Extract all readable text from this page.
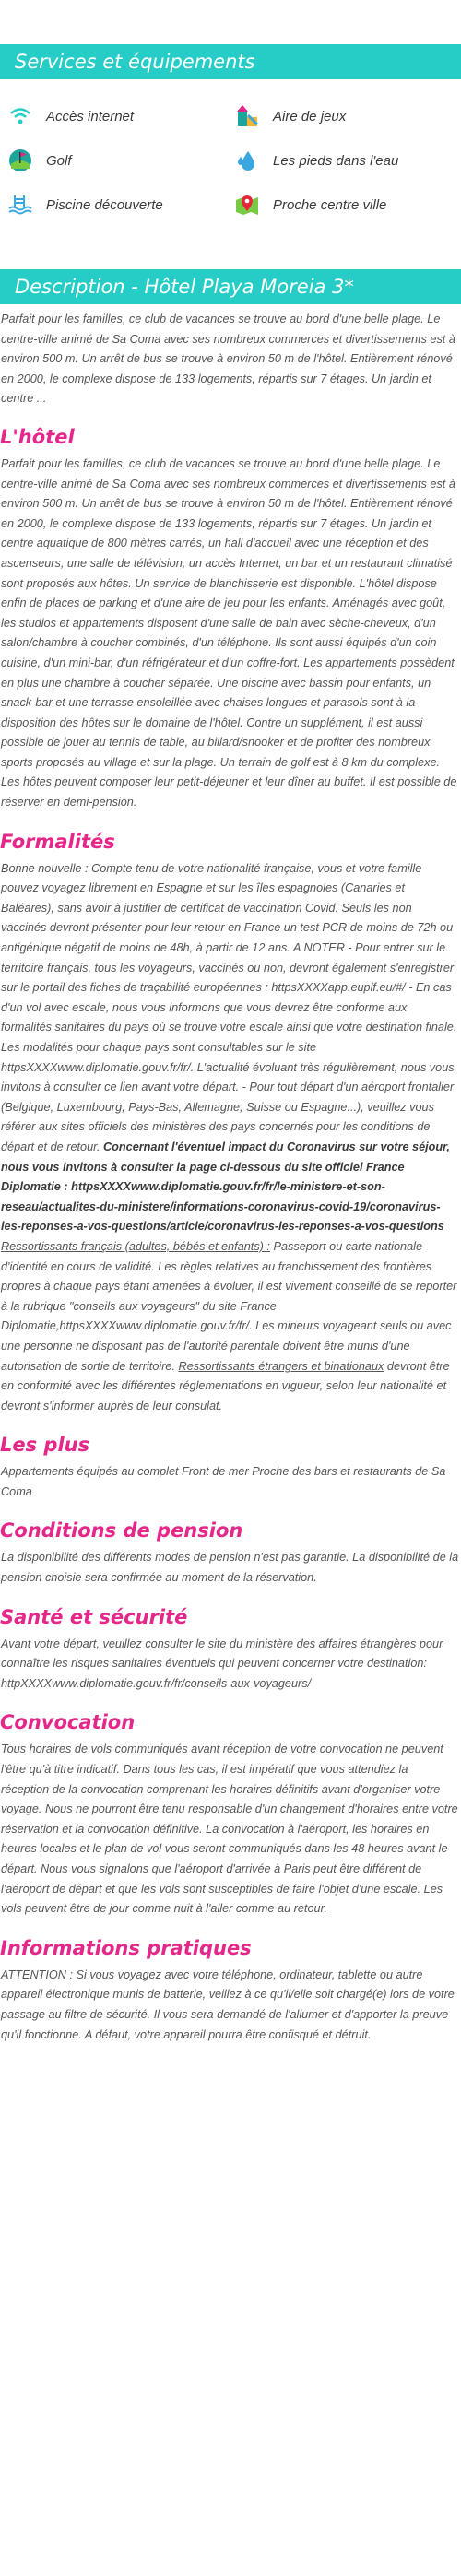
Services et équipements
Accès internet	Aire de jeux
Golf	Les pieds dans l'eau
Piscine découverte	Proche centre ville
Description - Hôtel Playa Moreia 3*

Parfait pour les familles, ce club de vacances se trouve au bord d'une belle plage. Le centre-ville animé de Sa Coma avec ses nombreux commerces et divertissements est à environ 500 m. Un arrêt de bus se trouve à environ 50 m de l'hôtel. Entièrement rénové en 2000, le complexe dispose de 133 logements, répartis sur 7 étages. Un jardin et centre ...

L'hôtel

Parfait pour les familles, ce club de vacances se trouve au bord d'une belle plage. Le centre-ville animé de Sa Coma avec ses nombreux commerces et divertissements est à environ 500 m. Un arrêt de bus se trouve à environ 50 m de l'hôtel. Entièrement rénové en 2000, le complexe dispose de 133 logements, répartis sur 7 étages. Un jardin et centre aquatique de 800 mètres carrés, un hall d'accueil avec une réception et des ascenseurs, une salle de télévision, un accès Internet, un bar et un restaurant climatisé sont proposés aux hôtes. Un service de blanchisserie est disponible. L'hôtel dispose enfin de places de parking et d'une aire de jeu pour les enfants. Aménagés avec goût, les studios et appartements disposent d'une salle de bain avec sèche-cheveux, d'un salon/chambre à coucher combinés, d'un téléphone. Ils sont aussi équipés d'un coin cuisine, d'un mini-bar, d'un réfrigérateur et d'un coffre-fort. Les appartements possèdent en plus une chambre à coucher séparée. Une piscine avec bassin pour enfants, un snack-bar et une terrasse ensoleillée avec chaises longues et parasols sont à la disposition des hôtes sur le domaine de l'hôtel. Contre un supplément, il est aussi possible de jouer au tennis de table, au billard/snooker et de profiter des nombreux sports proposés au village et sur la plage. Un terrain de golf est à 8 km du complexe. Les hôtes peuvent composer leur petit-déjeuner et leur dîner au buffet. Il est possible de réserver en demi-pension.

Formalités

Bonne nouvelle : Compte tenu de votre nationalité française, vous et votre famille pouvez voyagez librement en Espagne et sur les îles espagnoles (Canaries et Baléares), sans avoir à justifier de certificat de vaccination Covid. Seuls les non vaccinés devront présenter pour leur retour en France un test PCR de moins de 72h ou antigénique négatif de moins de 48h, à partir de 12 ans. A NOTER - Pour entrer sur le territoire français, tous les voyageurs, vaccinés ou non, devront également s'enregistrer sur le portail des fiches de traçabilité européennes : httpsXXXXapp.euplf.eu/#/ - En cas d'un vol avec escale, nous vous informons que vous devrez être conforme aux formalités sanitaires du pays où se trouve votre escale ainsi que votre destination finale. Les modalités pour chaque pays sont consultables sur le site httpsXXXXwww.diplomatie.gouv.fr/fr/. L'actualité évoluant très régulièrement, nous vous invitons à consulter ce lien avant votre départ. - Pour tout départ d'un aéroport frontalier (Belgique, Luxembourg, Pays-Bas, Allemagne, Suisse ou Espagne...), veuillez vous référer aux sites officiels des ministères des pays concernés pour les conditions de départ et de retour. Concernant l'éventuel impact du Coronavirus sur votre séjour, nous vous invitons à consulter la page ci-dessous du site officiel France Diplomatie : httpsXXXXwww.diplomatie.gouv.fr/fr/le-ministere-et-son-reseau/actualites-du-ministere/informations-coronavirus-covid-19/coronavirus-les-reponses-a-vos-questions/article/coronavirus-les-reponses-a-vos-questions Ressortissants français (adultes, bébés et enfants) : Passeport ou carte nationale d'identité en cours de validité. Les règles relatives au franchissement des frontières propres à chaque pays étant amenées à évoluer, il est vivement conseillé de se reporter à la rubrique "conseils aux voyageurs" du site France Diplomatie,httpsXXXXwww.diplomatie.gouv.fr/fr/. Les mineurs voyageant seuls ou avec une personne ne disposant pas de l'autorité parentale doivent être munis d'une autorisation de sortie de territoire. Ressortissants étrangers et binationaux devront être en conformité avec les différentes réglementations en vigueur, selon leur nationalité et devront s'informer auprès de leur consulat.

Les plus

Appartements équipés au complet Front de mer Proche des bars et restaurants de Sa Coma

Conditions de pension

La disponibilité des différents modes de pension n'est pas garantie. La disponibilité de la pension choisie sera confirmée au moment de la réservation.

Santé et sécurité

Avant votre départ, veuillez consulter le site du ministère des affaires étrangères pour connaître les risques sanitaires éventuels qui peuvent concerner votre destination: httpXXXXwww.diplomatie.gouv.fr/fr/conseils-aux-voyageurs/

Convocation

Tous horaires de vols communiqués avant réception de votre convocation ne peuvent l'être qu'à titre indicatif. Dans tous les cas, il est impératif que vous attendiez la réception de la convocation comprenant les horaires définitifs avant d'organiser votre voyage. Nous ne pourront être tenu responsable d'un changement d'horaires entre votre réservation et la convocation définitive. La convocation à l'aéroport, les horaires en heures locales et le plan de vol vous seront communiqués dans les 48 heures avant le départ. Nous vous signalons que l'aéroport d'arrivée à Paris peut être différent de l'aéroport de départ et que les vols sont susceptibles de faire l'objet d'une escale. Les vols peuvent être de jour comme nuit à l'aller comme au retour.

Informations pratiques

ATTENTION : Si vous voyagez avec votre téléphone, ordinateur, tablette ou autre appareil électronique munis de batterie, veillez à ce qu'il/elle soit chargé(e) lors de votre passage au filtre de sécurité. Il vous sera demandé de l'allumer et d'apporter la preuve qu'il fonctionne. A défaut, votre appareil pourra être confisqué et détruit.
